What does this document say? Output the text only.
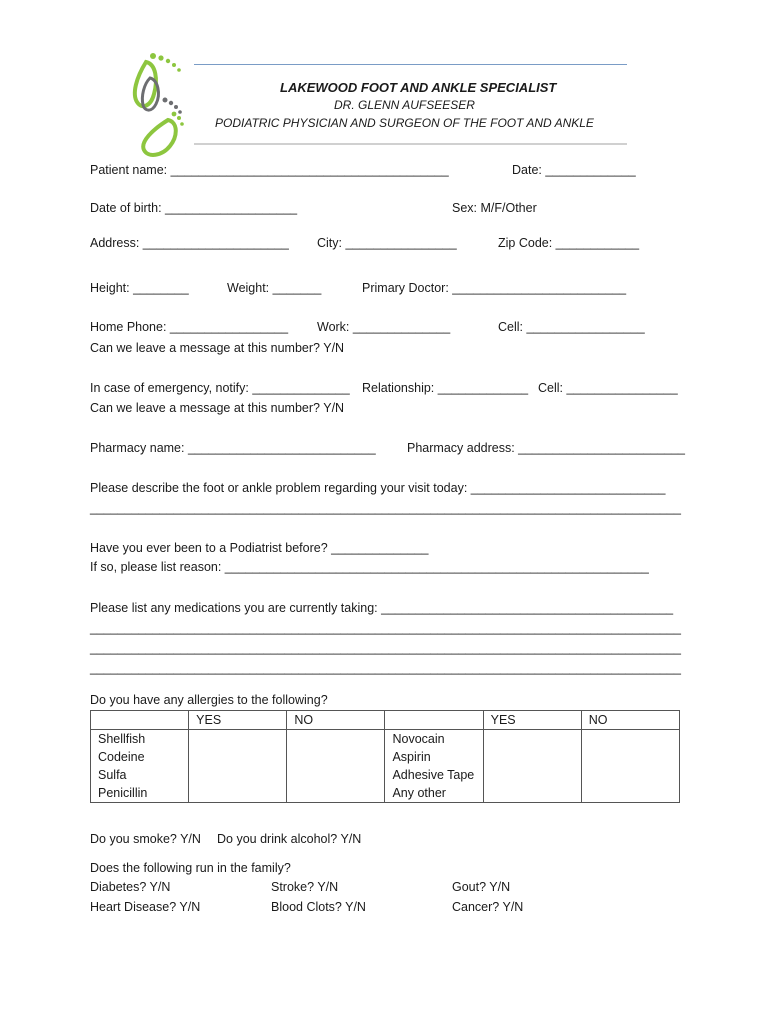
LAKEWOOD FOOT AND ANKLE SPECIALIST
DR. GLENN AUFSEESER
PODIATRIC PHYSICIAN AND SURGEON OF THE FOOT AND ANKLE
Patient name: ________________________________________	Date: _____________
Date of birth: ___________________	Sex: M/F/Other
Address: _____________________ City: ________________	Zip Code: ____________
Height: ________	Weight: _______	Primary Doctor: _________________________
Home Phone: _________________ Work: ______________	Cell: _________________
Can we leave a message at this number? Y/N
In case of emergency, notify: ______________ Relationship: _____________ Cell: ________________
Can we leave a message at this number? Y/N
Pharmacy name: ___________________________	Pharmacy address: ________________________
Please describe the foot or ankle problem regarding your visit today: ____________________________
_____________________________________________________________________________________
Have you ever been to a Podiatrist before? ______________
If so, please list reason: _____________________________________________________________
Please list any medications you are currently taking: __________________________________________
_____________________________________________________________________________________
_____________________________________________________________________________________
_____________________________________________________________________________________
Do you have any allergies to the following?
	YES	NO		YES	NO
Shellfish			Novocain		
Codeine			Aspirin		
Sulfa			Adhesive Tape		
Penicillin			Any other		
Do you smoke? Y/N Do you drink alcohol? Y/N
Does the following run in the family?
Diabetes? Y/N	Stroke? Y/N	Gout? Y/N
Heart Disease? Y/N	Blood Clots? Y/N	Cancer? Y/N
